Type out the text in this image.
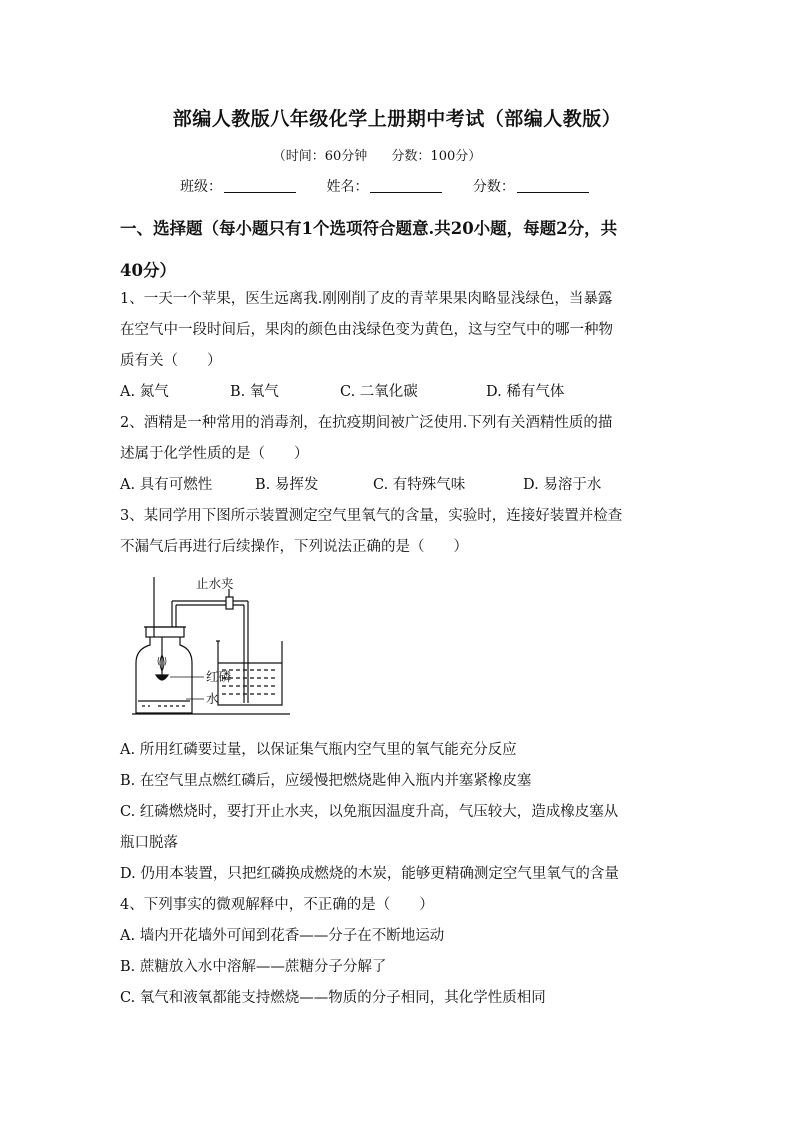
部编人教版八年级化学上册期中考试（部编人教版）
（时间：60分钟 分数：100分）
班级：	姓名：	分数：
一、选择题（每小题只有1个选项符合题意.共20小题，每题2分，共
40分）

1、一天一个苹果，医生远离我.刚刚削了皮的青苹果果肉略显浅绿色，当暴露

在空气中一段时间后，果肉的颜色由浅绿色变为黄色，这与空气中的哪一种物

质有关（　　）

A. 氮气	B. 氧气	C. 二氧化碳	D. 稀有气体

2、酒精是一种常用的消毒剂，在抗疫期间被广泛使用.下列有关酒精性质的描

述属于化学性质的是（　　）

A. 具有可燃性	B. 易挥发	C. 有特殊气味	D. 易溶于水

3、某同学用下图所示装置测定空气里氧气的含量，实验时，连接好装置并检查

不漏气后再进行后续操作，下列说法正确的是（　　）

止水夹
红磷
水

A. 所用红磷要过量，以保证集气瓶内空气里的氧气能充分反应

B. 在空气里点燃红磷后，应缓慢把燃烧匙伸入瓶内并塞紧橡皮塞

C. 红磷燃烧时，要打开止水夹，以免瓶因温度升高，气压较大，造成橡皮塞从

瓶口脱落

D. 仍用本装置，只把红磷换成燃烧的木炭，能够更精确测定空气里氧气的含量

4、下列事实的微观解释中，不正确的是（　　）

A. 墙内开花墙外可闻到花香——分子在不断地运动

B. 蔗糖放入水中溶解——蔗糖分子分解了

C. 氧气和液氧都能支持燃烧——物质的分子相同，其化学性质相同
